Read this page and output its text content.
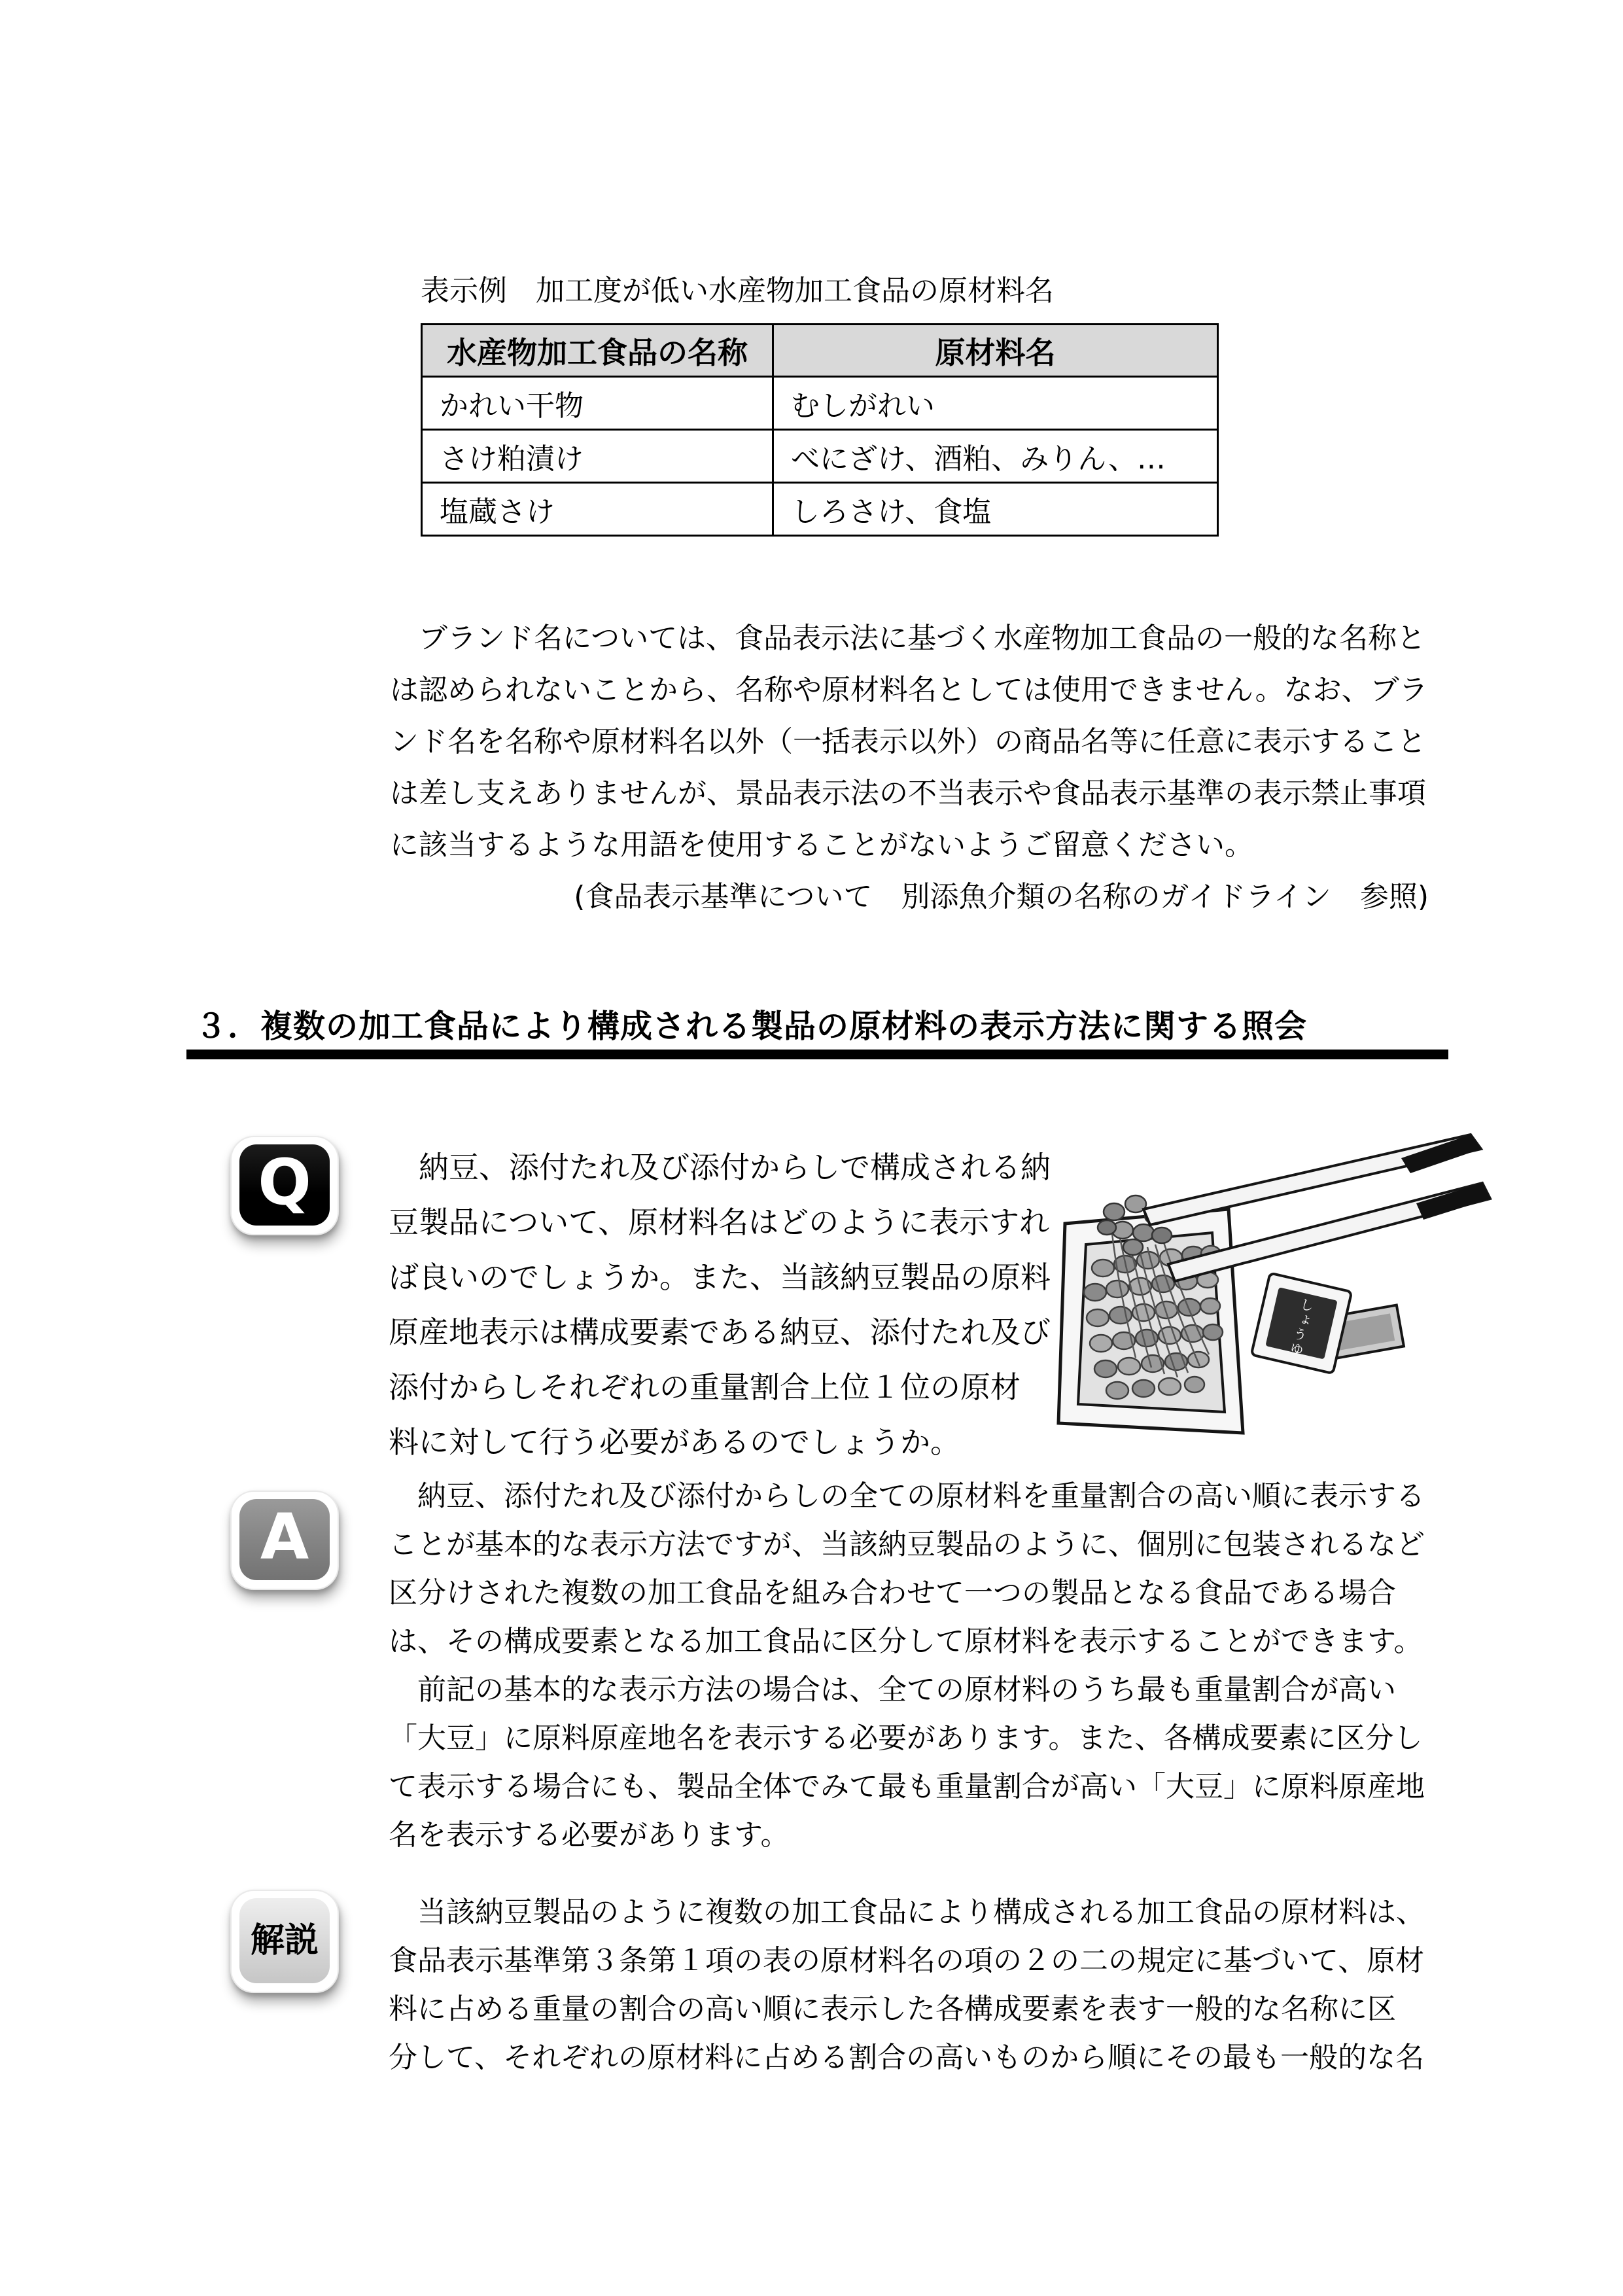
表示例　加工度が低い水産物加工食品の原材料名
水産物加工食品の名称	原材料名
かれい干物	むしがれい
さけ粕漬け	べにざけ、酒粕、みりん、…
塩蔵さけ	しろさけ、食塩
　ブランド名については、食品表示法に基づく水産物加工食品の一般的な名称と
は認められないことから、名称や原材料名としては使用できません。なお、ブラ
ンド名を名称や原材料名以外（一括表示以外）の商品名等に任意に表示すること
は差し支えありませんが、景品表示法の不当表示や食品表示基準の表示禁止事項
に該当するような用語を使用することがないようご留意ください。
(食品表示基準について　別添魚介類の名称のガイドライン　参照)
３．複数の加工食品により構成される製品の原材料の表示方法に関する照会
Q	　納豆、添付たれ及び添付からしで構成される納
豆製品について、原材料名はどのように表示すれ
ば良いのでしょうか。また、当該納豆製品の原料
原産地表示は構成要素である納豆、添付たれ及び
添付からしそれぞれの重量割合上位１位の原材
料に対して行う必要があるのでしょうか。
しょうゆ
A
　納豆、添付たれ及び添付からしの全ての原材料を重量割合の高い順に表示する
ことが基本的な表示方法ですが、当該納豆製品のように、個別に包装されるなど
区分けされた複数の加工食品を組み合わせて一つの製品となる食品である場合
は、その構成要素となる加工食品に区分して原材料を表示することができます。
　前記の基本的な表示方法の場合は、全ての原材料のうち最も重量割合が高い
「大豆」に原料原産地名を表示する必要があります。また、各構成要素に区分し
て表示する場合にも、製品全体でみて最も重量割合が高い「大豆」に原料原産地
名を表示する必要があります。
解説
　当該納豆製品のように複数の加工食品により構成される加工食品の原材料は、
食品表示基準第３条第１項の表の原材料名の項の２の二の規定に基づいて、原材
料に占める重量の割合の高い順に表示した各構成要素を表す一般的な名称に区
分して、それぞれの原材料に占める割合の高いものから順にその最も一般的な名
